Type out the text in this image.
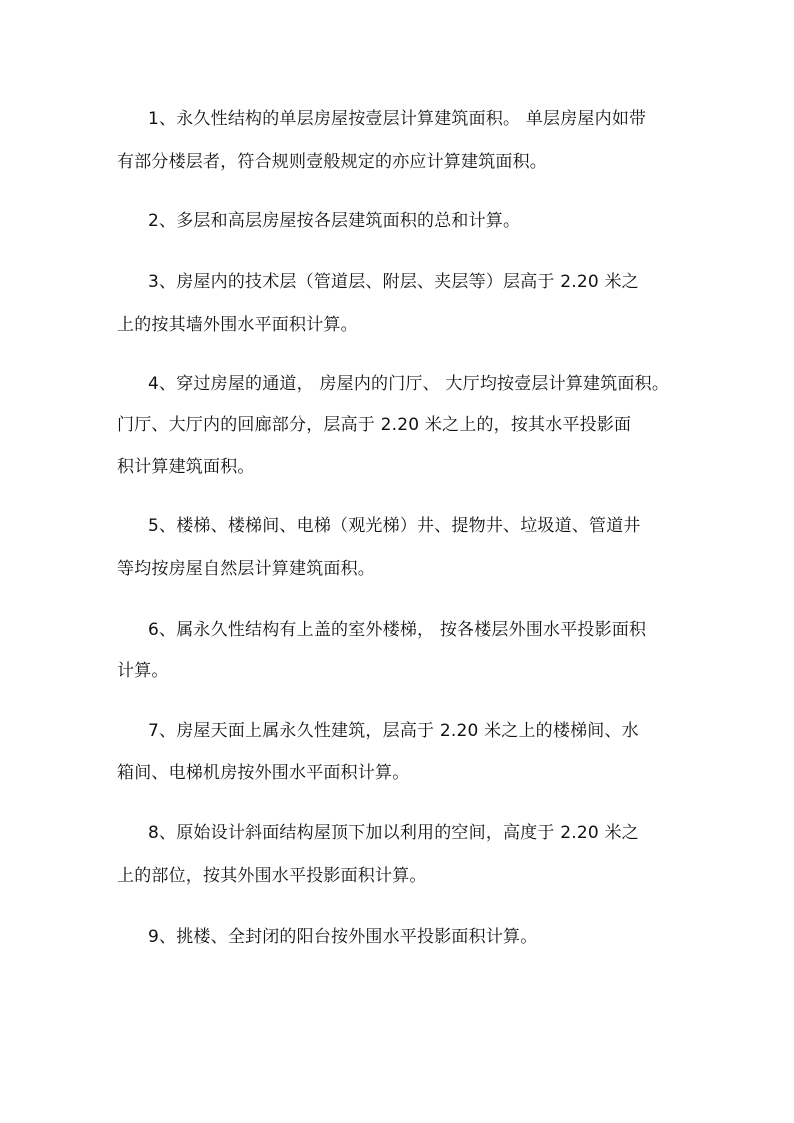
1、永久性结构的单层房屋按壹层计算建筑面积。 单层房屋内如带
有部分楼层者，符合规则壹般规定的亦应计算建筑面积。
2、多层和高层房屋按各层建筑面积的总和计算。
3、房屋内的技术层（管道层、附层、夹层等）层高于 2.20 米之
上的按其墙外围水平面积计算。
4、穿过房屋的通道， 房屋内的门厅、 大厅均按壹层计算建筑面积。
门厅、大厅内的回廊部分，层高于 2.20 米之上的，按其水平投影面
积计算建筑面积。
5、楼梯、楼梯间、电梯（观光梯）井、提物井、垃圾道、管道井
等均按房屋自然层计算建筑面积。
6、属永久性结构有上盖的室外楼梯， 按各楼层外围水平投影面积
计算。
7、房屋天面上属永久性建筑，层高于 2.20 米之上的楼梯间、水
箱间、电梯机房按外围水平面积计算。
8、原始设计斜面结构屋顶下加以利用的空间，高度于 2.20 米之
上的部位，按其外围水平投影面积计算。
9、挑楼、全封闭的阳台按外围水平投影面积计算。
